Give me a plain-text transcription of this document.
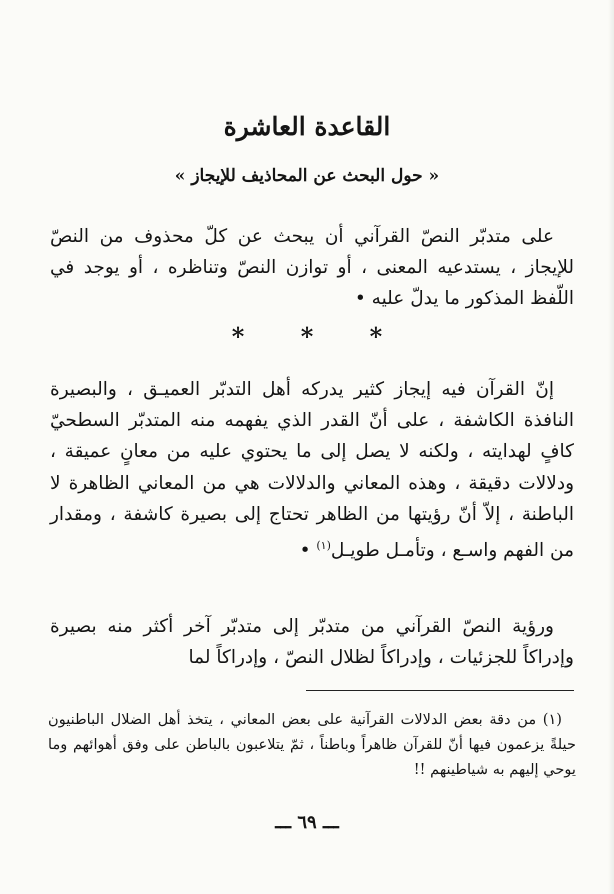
القاعدة العاشرة
« حول البحث عن المحاذيف للإيجاز »
على متدبّر النصّ القرآني أن يبحث عن كلّ محذوف من النصّ للإيجاز ، يستدعيه المعنى ، أو توازن النصّ وتناظره ، أو يوجد في اللّفظ المذكور ما يدلّ عليه •
* * *
إنّ القرآن فيه إيجاز كثير يدركه أهل التدبّر العميـق ، والبصيرة النافذة الكاشفة ، على أنّ القدر الذي يفهمه منه المتدبّر السطحيّ كافٍ لهدايته ، ولكنه لا يصل إلى ما يحتوي عليه من معانٍ عميقة ، ودلالات دقيقة ، وهذه المعاني والدلالات هي من المعاني الظاهرة لا الباطنة ، إلاّ أنّ رؤيتها من الظاهر تحتاج إلى بصيرة كاشفة ، ومقدار من الفهم واسـع ، وتأمـل طويـل$^{(١)}$ •
ورؤية النصّ القرآني من متدبّر إلى متدبّر آخر أكثر منه بصيرة وإدراكاً للجزئيات ، وإدراكاً لظلال النصّ ، وإدراكاً لما
(١) من دقة بعض الدلالات القرآنية على بعض المعاني ، يتخذ أهل الضلال الباطنيون حيلةً يزعمون فيها أنّ للقرآن ظاهراً وباطناً ، ثمّ يتلاعبون بالباطن على وفق أهوائهم وما يوحي إليهم به شياطينهم !!
ـــ ٦٩ ـــ
